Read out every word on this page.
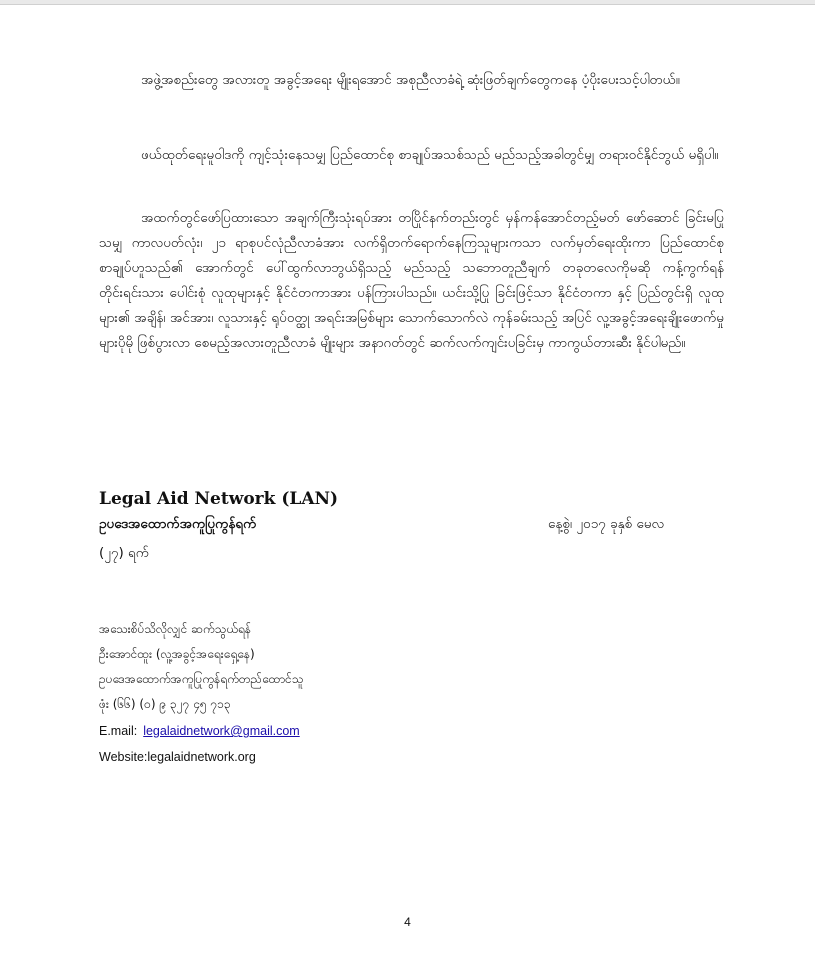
အဖွဲ့အစည်းတွေ အလားတူ အခွင့်အရေး မျိုးရအောင် အစုညီလာခံရဲ့ ဆုံးဖြတ်ချက်တွေကနေ ပံ့ပိုးပေးသင့်ပါတယ်။

ဖယ်ထုတ်ရေးမူဝါဒကို ကျင့်သုံးနေသမျှ ပြည်ထောင်စု စာချုပ်အသစ်သည် မည်သည့်အခါတွင်မျှ တရားဝင်နိုင်ဘွယ် မရှိပါ။

အထက်တွင်ဖော်ပြထားသော အချက်ကြီးသုံးရပ်အား တပြိုင်နက်တည်းတွင် မှန်ကန်အောင်တည့်မတ် ဖော်ဆောင် ခြင်းမပြုသမျှ ကာလပတ်လုံး၊ ၂၁ ရာစုပင်လုံညီလာခံအား လက်ရှိတက်ရောက်နေကြသူများကသာ လက်မှတ်ရေးထိုးကာ ပြည်ထောင်စု စာချုပ်ဟူသည်၏ အောက်တွင် ပေါ်ထွက်လာဘွယ်ရှိသည့် မည်သည့် သဘောတူညီချက် တခုတလေကိုမဆို ကန့်ကွက်ရန် တိုင်းရင်းသား ပေါင်းစုံ လူထုများနှင့် နိုင်ငံတကာအား ပန်ကြားပါသည်။ ယင်းသို့ပြု ခြင်းဖြင့်သာ နိုင်ငံတကာ နှင့် ပြည်တွင်းရှိ လူထုများ၏ အချိန်၊ အင်အား၊ လူသားနှင့် ရုပ်ဝတ္ထု အရင်းအမြစ်များ သောက်သောက်လဲ ကုန်ခမ်းသည့် အပြင် လူ့အခွင့်အရေးချိုးဖောက်မှုများပိုမို ဖြစ်ပွားလာ စေမည့်အလားတူညီလာခံ မျိုးများ အနာဂတ်တွင် ဆက်လက်ကျင်းပခြင်းမှ ကာကွယ်တားဆီး နိုင်ပါမည်။

Legal Aid Network (LAN)
ဥပဒေအထောက်အကူပြုကွန်ရက်	နေ့စွဲ၊ ၂၀၁၇ ခုနှစ် မေလ
(၂၇) ရက်
အသေးစိပ်သိလိုလျှင် ဆက်သွယ်ရန်
ဦးအောင်ထူး (လူ့အခွင့်အရေးရှေ့နေ)
ဥပဒေအထောက်အကူပြုကွန်ရက်တည်ထောင်သူ
ဖုံး (၆၆) (၀) ၉ ၃၂၇ ၄၅ ၇၁၃
E.mail: legalaidnetwork@gmail.com
Website:legalaidnetwork.org
4
